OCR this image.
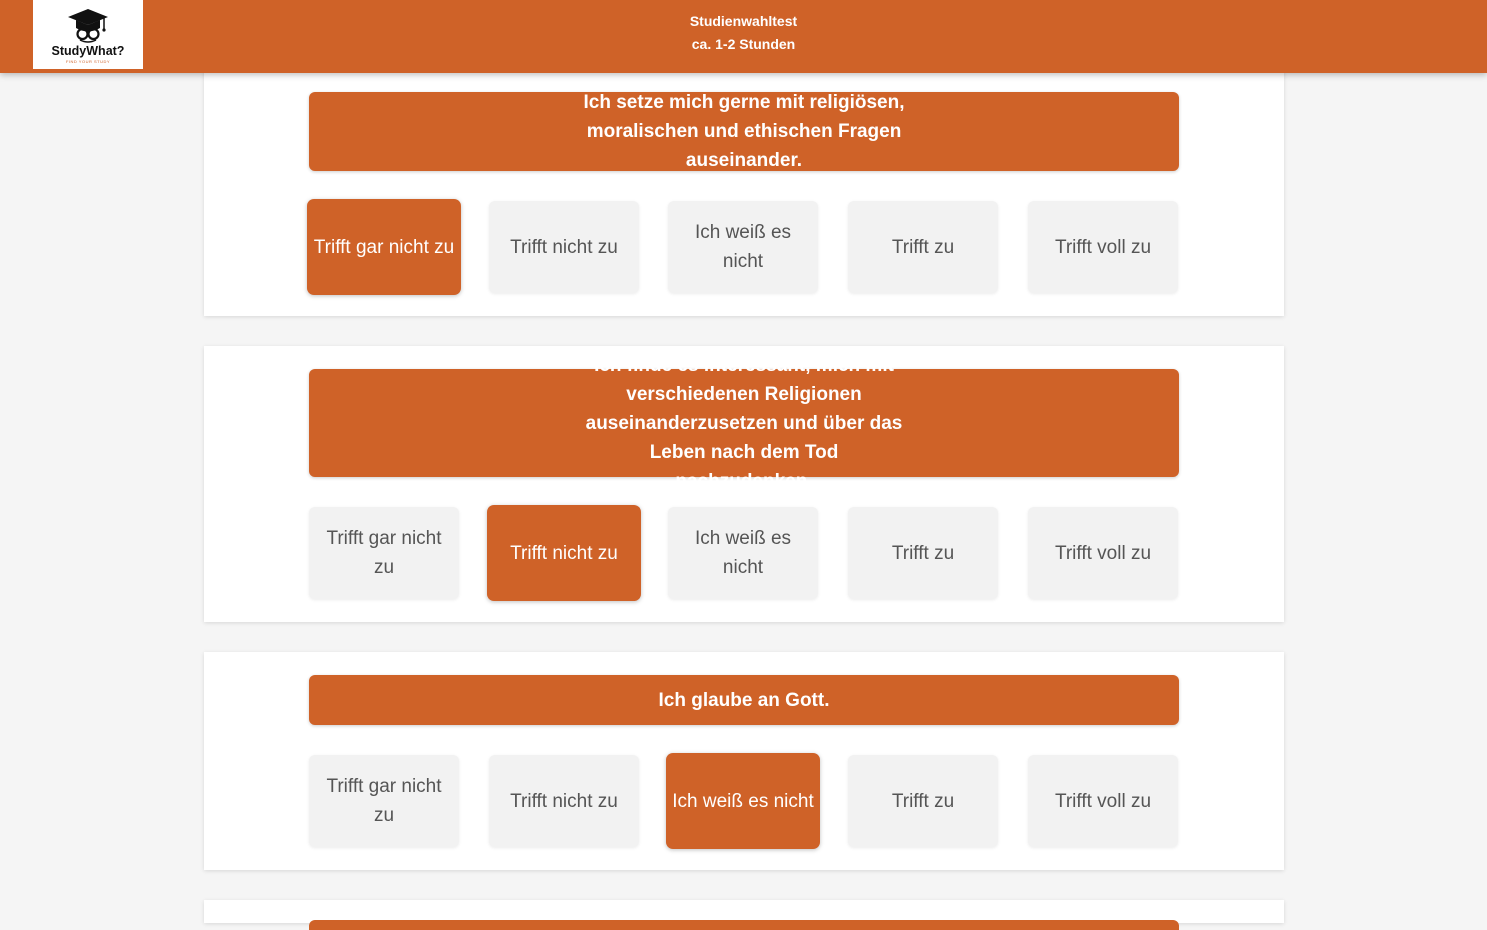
StudyWhat?
FIND YOUR STUDY
Studienwahltest
ca. 1-2 Stunden
Ich setze mich gerne mit religiösen, moralischen und ethischen Fragen auseinander.
Trifft gar nicht zu	Trifft nicht zu
Ich weiß es nicht
Trifft zu	Trifft voll zu
Ich finde es interessant, mich mit verschiedenen Religionen auseinanderzusetzen und über das Leben nach dem Tod nachzudenken.
Trifft gar nicht zu
Trifft nicht zu
Ich weiß es nicht
Trifft zu	Trifft voll zu
Ich glaube an Gott.
Trifft gar nicht zu
Trifft nicht zu	Ich weiß es nicht	Trifft zu	Trifft voll zu
